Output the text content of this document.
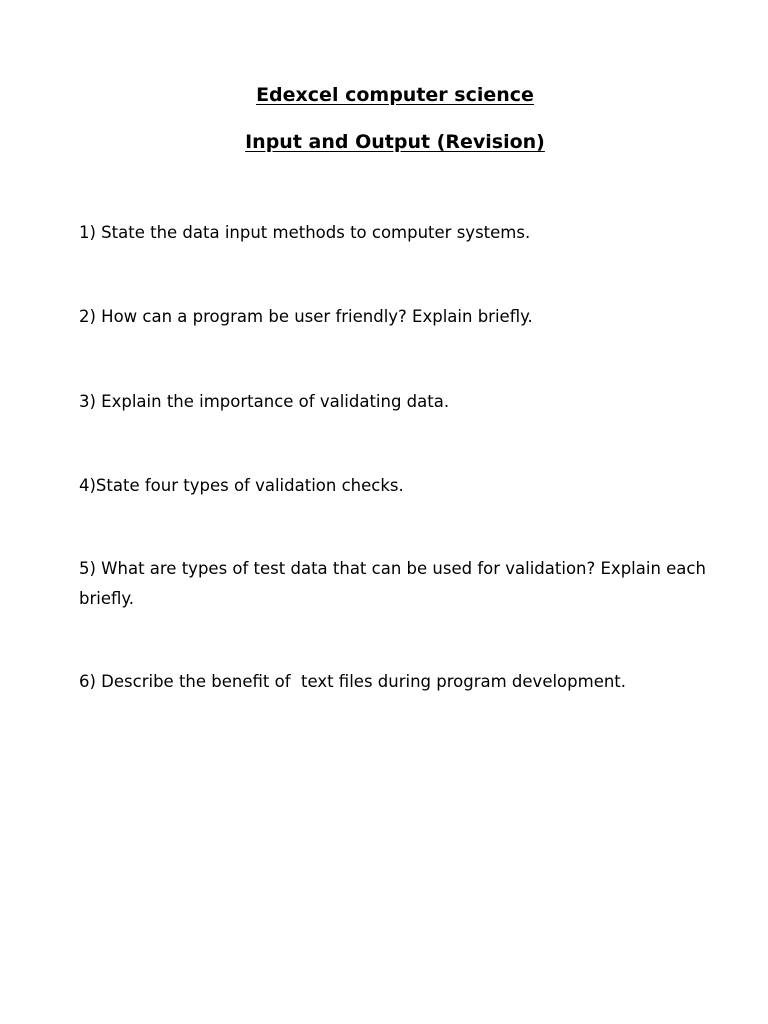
Edexcel computer science
Input and Output (Revision)

1) State the data input methods to computer systems.

2) How can a program be user friendly? Explain briefly.

3) Explain the importance of validating data.

4)State four types of validation checks.

5) What are types of test data that can be used for validation? Explain each briefly.

6) Describe the benefit of  text files during program development.
